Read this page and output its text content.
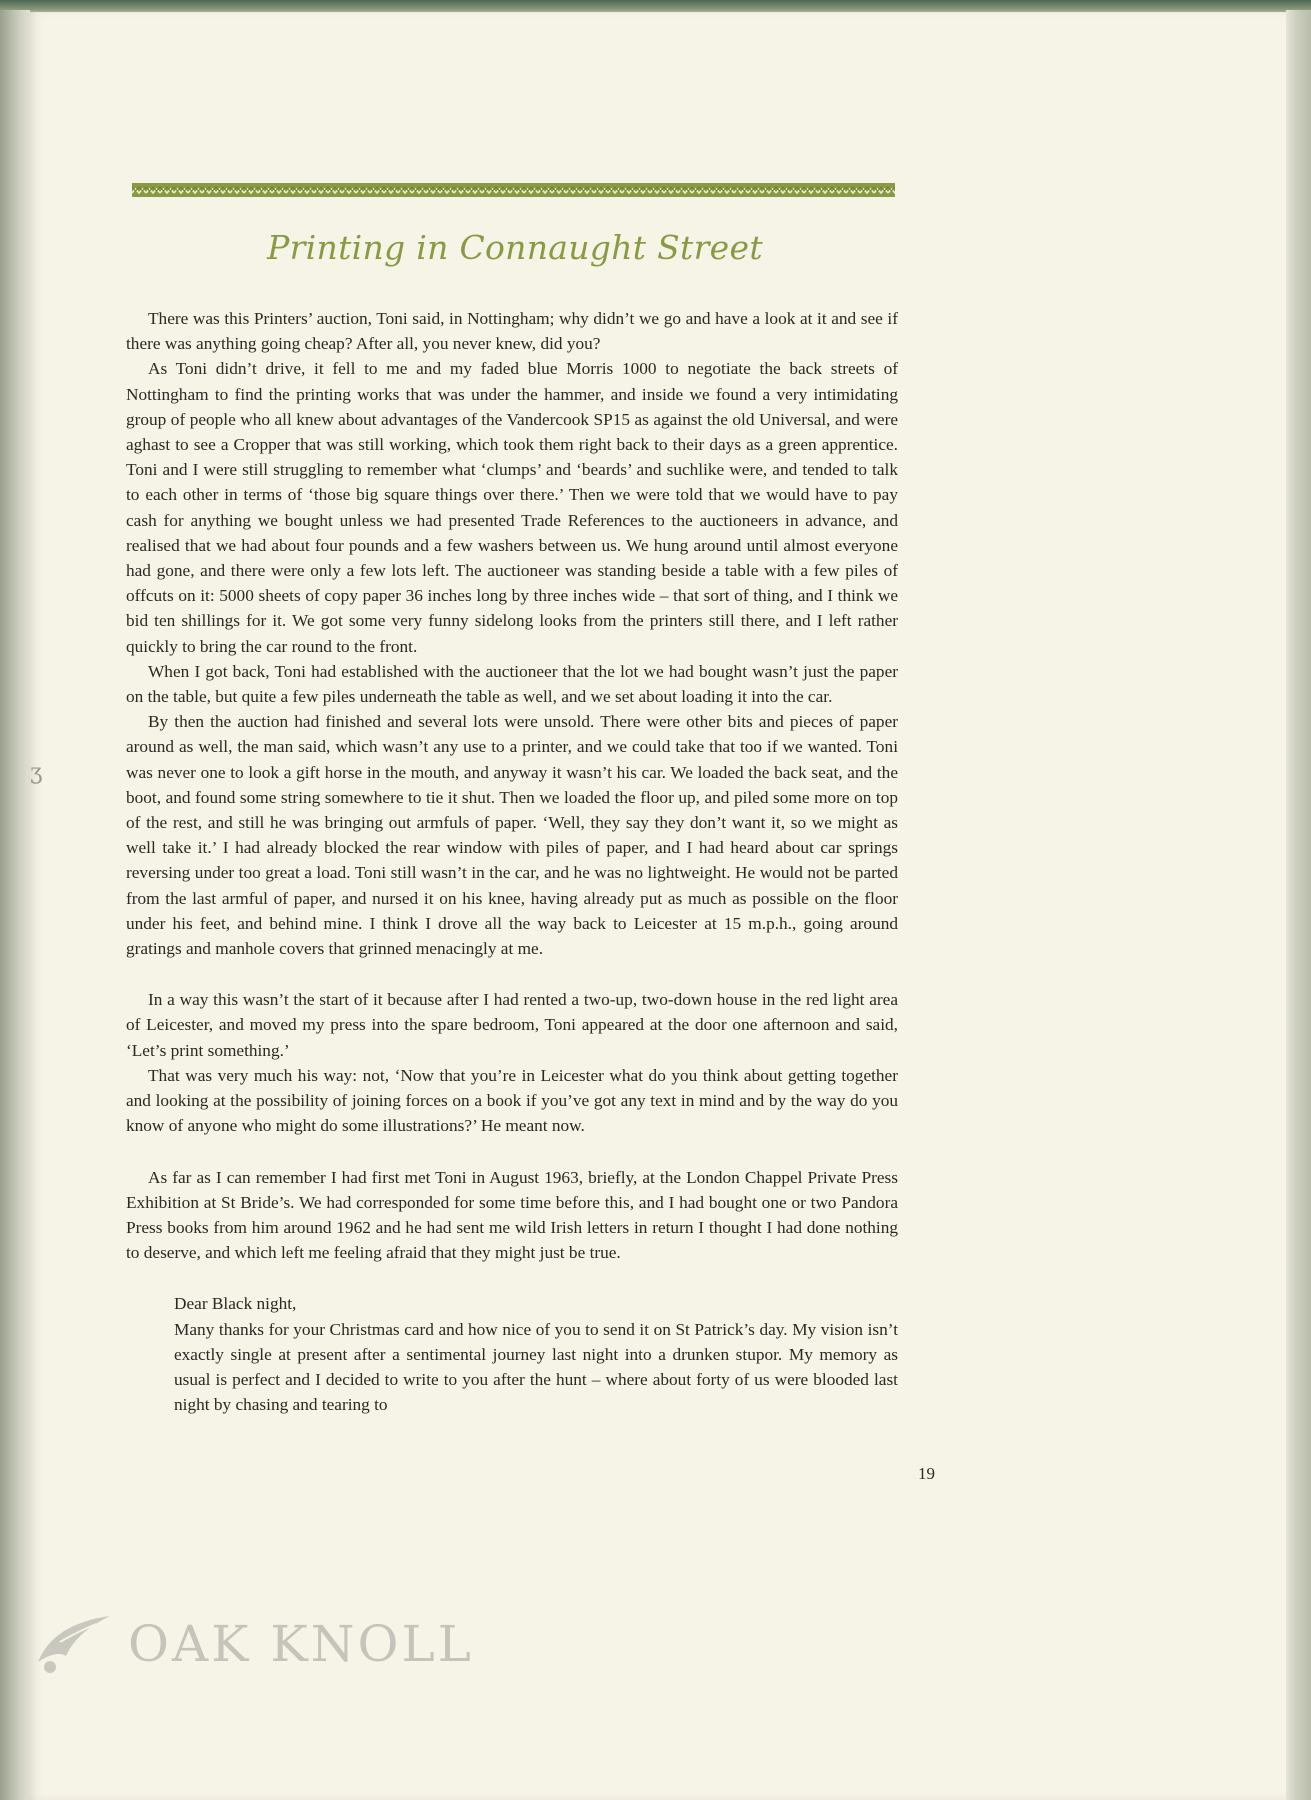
Printing in Connaught Street

There was this Printers’ auction, Toni said, in Nottingham; why didn’t we go and have a look at it and see if there was anything going cheap? After all, you never knew, did you?

As Toni didn’t drive, it fell to me and my faded blue Morris 1000 to negotiate the back streets of Nottingham to find the printing works that was under the hammer, and inside we found a very intimidating group of people who all knew about advantages of the Vandercook SP15 as against the old Universal, and were aghast to see a Cropper that was still working, which took them right back to their days as a green apprentice. Toni and I were still struggling to remember what ‘clumps’ and ‘beards’ and suchlike were, and tended to talk to each other in terms of ‘those big square things over there.’ Then we were told that we would have to pay cash for anything we bought unless we had presented Trade References to the auctioneers in advance, and realised that we had about four pounds and a few washers between us. We hung around until almost everyone had gone, and there were only a few lots left. The auctioneer was standing beside a table with a few piles of offcuts on it: 5000 sheets of copy paper 36 inches long by three inches wide – that sort of thing, and I think we bid ten shillings for it. We got some very funny sidelong looks from the printers still there, and I left rather quickly to bring the car round to the front.

When I got back, Toni had established with the auctioneer that the lot we had bought wasn’t just the paper on the table, but quite a few piles underneath the table as well, and we set about loading it into the car.

By then the auction had finished and several lots were unsold. There were other bits and pieces of paper around as well, the man said, which wasn’t any use to a printer, and we could take that too if we wanted. Toni was never one to look a gift horse in the mouth, and anyway it wasn’t his car. We loaded the back seat, and the boot, and found some string somewhere to tie it shut. Then we loaded the floor up, and piled some more on top of the rest, and still he was bringing out armfuls of paper. ‘Well, they say they don’t want it, so we might as well take it.’ I had already blocked the rear window with piles of paper, and I had heard about car springs reversing under too great a load. Toni still wasn’t in the car, and he was no lightweight. He would not be parted from the last armful of paper, and nursed it on his knee, having already put as much as possible on the floor under his feet, and behind mine. I think I drove all the way back to Leicester at 15 m.p.h., going around gratings and manhole covers that grinned menacingly at me.

In a way this wasn’t the start of it because after I had rented a two-up, two-down house in the red light area of Leicester, and moved my press into the spare bedroom, Toni appeared at the door one afternoon and said, ‘Let’s print something.’

That was very much his way: not, ‘Now that you’re in Leicester what do you think about getting together and looking at the possibility of joining forces on a book if you’ve got any text in mind and by the way do you know of anyone who might do some illustrations?’ He meant now.

As far as I can remember I had first met Toni in August 1963, briefly, at the London Chappel Private Press Exhibition at St Bride’s. We had corresponded for some time before this, and I had bought one or two Pandora Press books from him around 1962 and he had sent me wild Irish letters in return I thought I had done nothing to deserve, and which left me feeling afraid that they might just be true.

Dear Black night,

Many thanks for your Christmas card and how nice of you to send it on St Patrick’s day. My vision isn’t exactly single at present after a sentimental journey last night into a drunken stupor. My memory as usual is perfect and I decided to write to you after the hunt – where about forty of us were blooded last night by chasing and tearing to

19
ʒ
OAK KNOLL
